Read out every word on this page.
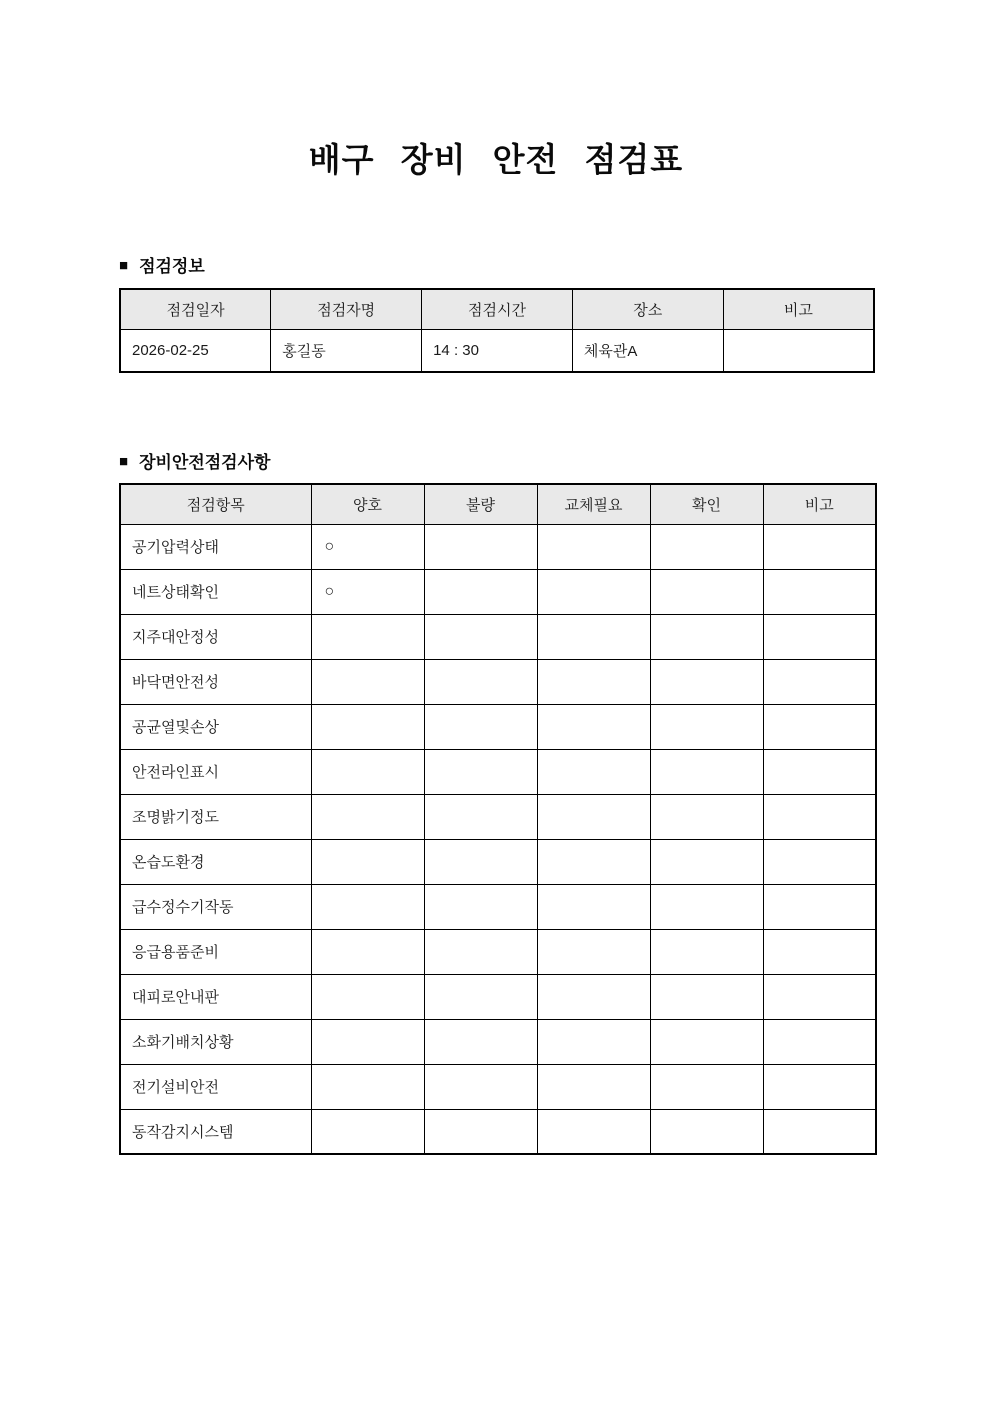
배구 장비 안전 점검표
■ 점검정보
점검일자	점검자명	점검시간	장소	비고
2026-02-25	홍길동	14 : 30	체육관A	
■ 장비안전점검사항
점검항목	양호	불량	교체필요	확인	비고
공기압력상태	○				
네트상태확인	○				
지주대안정성					
바닥면안전성					
공균열및손상					
안전라인표시					
조명밝기정도					
온습도환경					
급수정수기작동					
응급용품준비					
대피로안내판					
소화기배치상황					
전기설비안전					
동작감지시스템					
